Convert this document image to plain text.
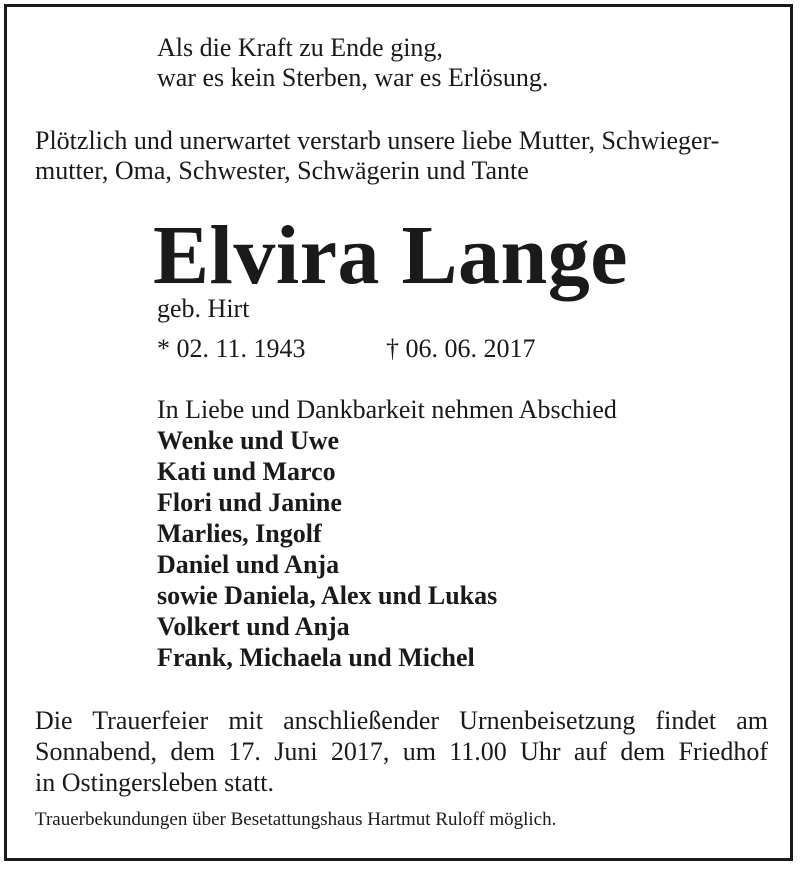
Als die Kraft zu Ende ging,
war es kein Sterben, war es Erlösung.
Plötzlich und unerwartet verstarb unsere liebe Mutter, Schwieger-
mutter, Oma, Schwester, Schwägerin und Tante
Elvira Lange
geb. Hirt
* 02. 11. 1943	† 06. 06. 2017
In Liebe und Dankbarkeit nehmen Abschied
Wenke und Uwe
Kati und Marco
Flori und Janine
Marlies, Ingolf
Daniel und Anja
sowie Daniela, Alex und Lukas
Volkert und Anja
Frank, Michaela und Michel
Die Trauerfeier mit anschließender Urnenbeisetzung findet am
Sonnabend, dem 17. Juni 2017, um 11.00 Uhr auf dem Friedhof
in Ostingersleben statt.
Trauerbekundungen über Besetattungshaus Hartmut Ruloff möglich.
